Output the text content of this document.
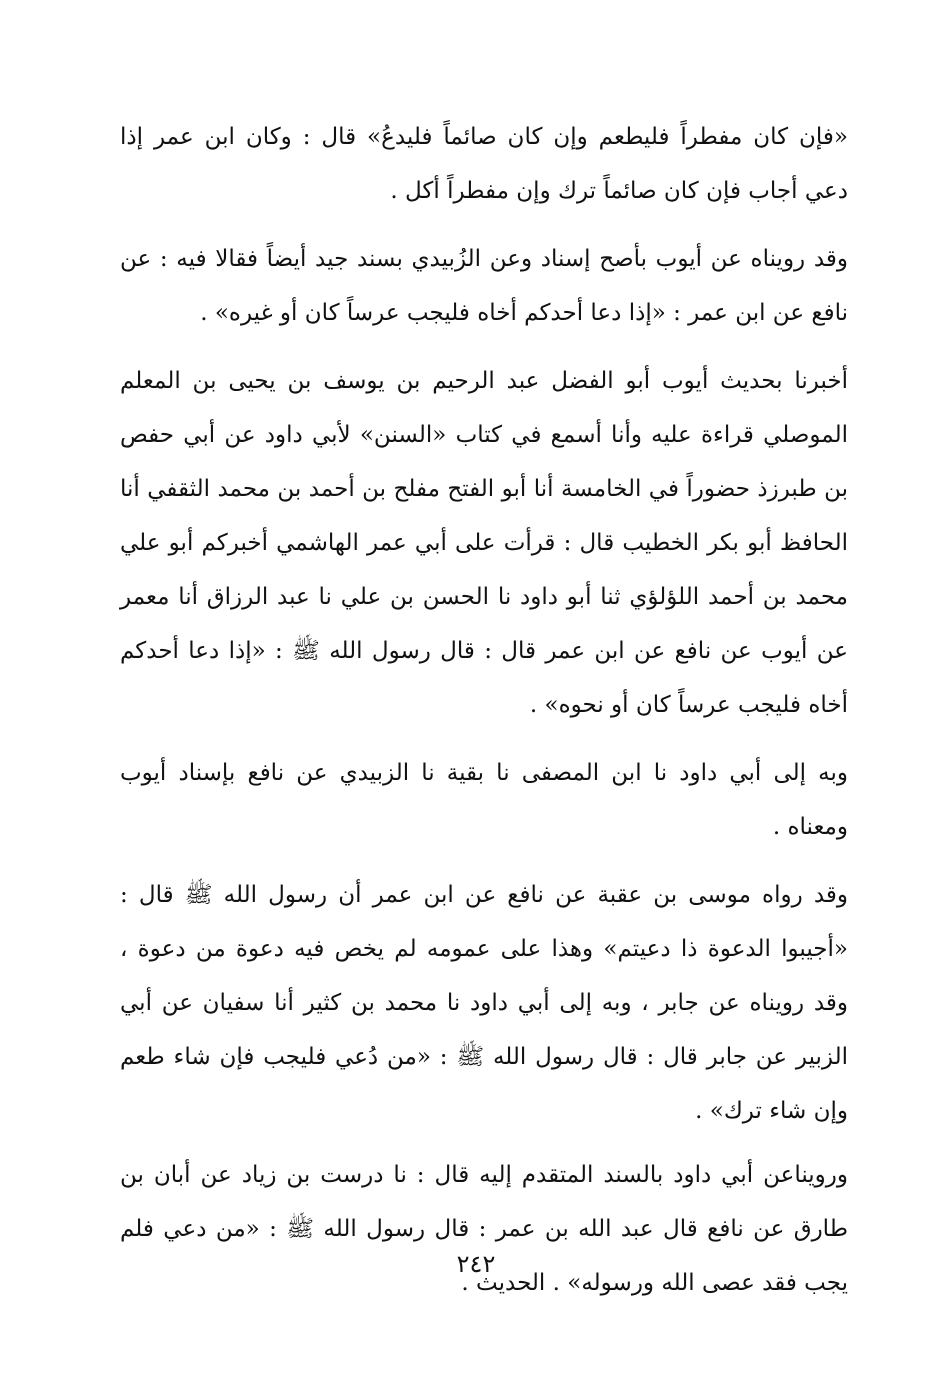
«فإن كان مفطراً فليطعم وإن كان صائماً فليدعُ» قال : وكان ابن عمر إذا دعي أجاب فإن كان صائماً ترك وإن مفطراً أكل .

وقد رويناه عن أيوب بأصح إسناد وعن الزُبيدي بسند جيد أيضاً فقالا فيه : عن نافع عن ابن عمر : «إذا دعا أحدكم أخاه فليجب عرساً كان أو غيره» .

أخبرنا بحديث أيوب أبو الفضل عبد الرحيم بن يوسف بن يحيى بن المعلم الموصلي قراءة عليه وأنا أسمع في كتاب «السنن» لأبي داود عن أبي حفص بن طبرزذ حضوراً في الخامسة أنا أبو الفتح مفلح بن أحمد بن محمد الثقفي أنا الحافظ أبو بكر الخطيب قال : قرأت على أبي عمر الهاشمي أخبركم أبو علي محمد بن أحمد اللؤلؤي ثنا أبو داود نا الحسن بن علي نا عبد الرزاق أنا معمر عن أيوب عن نافع عن ابن عمر قال : قال رسول الله ﷺ : «إذا دعا أحدكم أخاه فليجب عرساً كان أو نحوه» .

وبه إلى أبي داود نا ابن المصفى نا بقية نا الزبيدي عن نافع بإسناد أيوب ومعناه .

وقد رواه موسى بن عقبة عن نافع عن ابن عمر أن رسول الله ﷺ قال : «أجيبوا الدعوة ذا دعيتم» وهذا على عمومه لم يخص فيه دعوة من دعوة ، وقد رويناه عن جابر ، وبه إلى أبي داود نا محمد بن كثير أنا سفيان عن أبي الزبير عن جابر قال : قال رسول الله ﷺ : «من دُعي فليجب فإن شاء طعم وإن شاء ترك» .

ورويناعن أبي داود بالسند المتقدم إليه قال : نا درست بن زياد عن أبان بن طارق عن نافع قال عبد الله بن عمر : قال رسول الله ﷺ : «من دعي فلم يجب فقد عصى الله ورسوله» . الحديث .

٢٤٢
